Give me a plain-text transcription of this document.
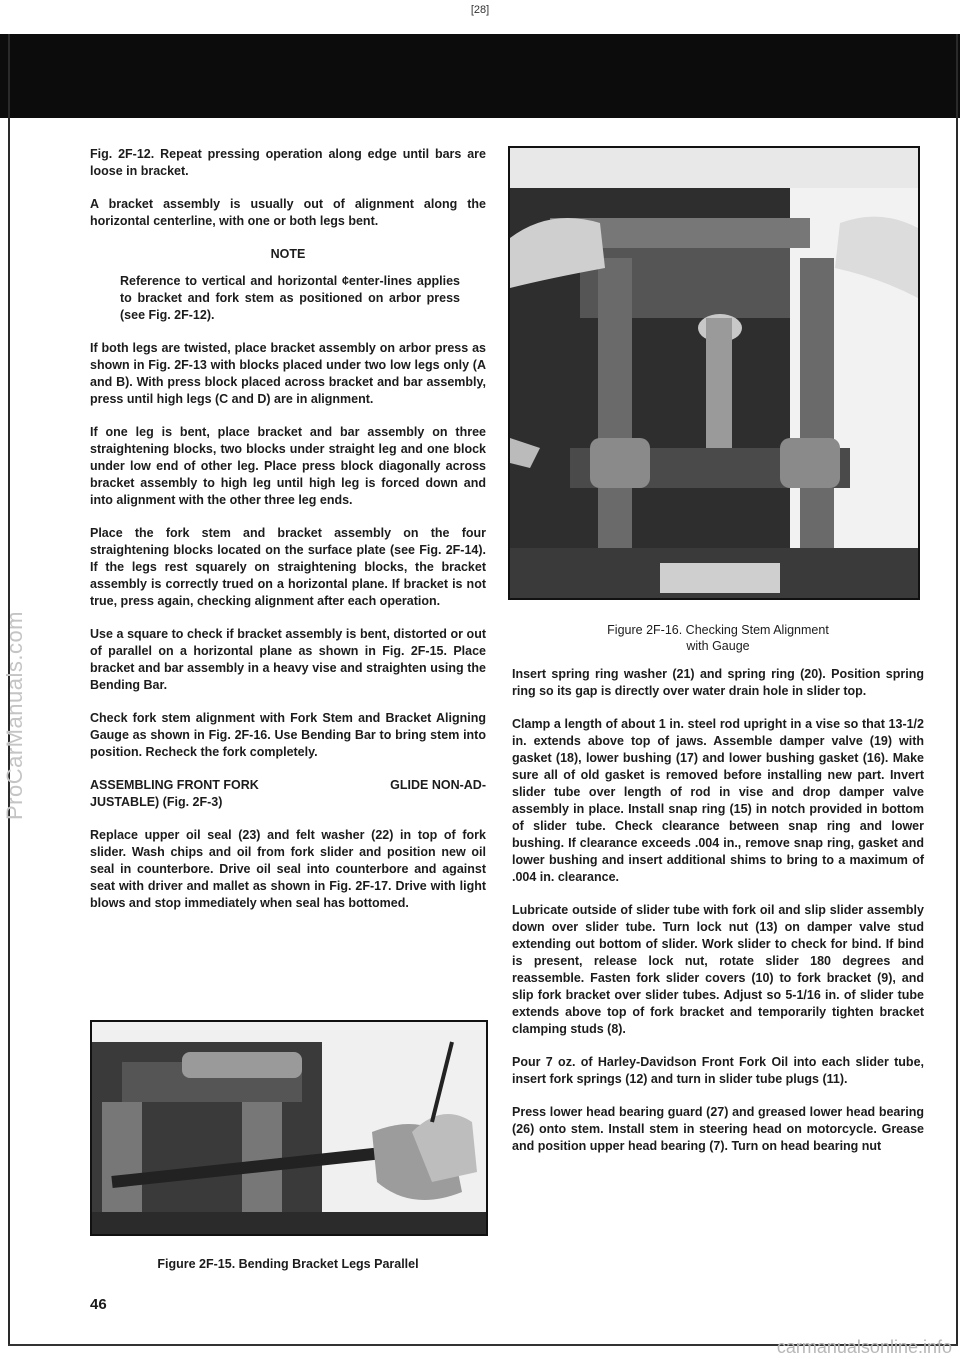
[28]
ProCarManuals.com

Fig. 2F-12. Repeat pressing operation along edge until bars are loose in bracket.

A bracket assembly is usually out of alignment along the horizontal centerline, with one or both legs bent.

NOTE
Reference to vertical and horizontal ¢enter-lines applies to bracket and fork stem as positioned on arbor press (see Fig. 2F-12).

If both legs are twisted, place bracket assembly on arbor press as shown in Fig. 2F-13 with blocks placed under two low legs only (A and B). With press block placed across bracket and bar assembly, press until high legs (C and D) are in alignment.

If one leg is bent, place bracket and bar assembly on three straightening blocks, two blocks under straight leg and one block under low end of other leg. Place press block diagonally across bracket assembly to high leg until high leg is forced down and into alignment with the other three leg ends.

Place the fork stem and bracket assembly on the four straightening blocks located on the surface plate (see Fig. 2F-14). If the legs rest squarely on straightening blocks, the bracket assembly is correctly trued on a horizontal plane. If bracket is not true, press again, checking alignment after each operation.

Use a square to check if bracket assembly is bent, distorted or out of parallel on a horizontal plane as shown in Fig. 2F-15. Place bracket and bar assembly in a heavy vise and straighten using the Bending Bar.

Check fork stem alignment with Fork Stem and Bracket Aligning Gauge as shown in Fig. 2F-16. Use Bending Bar to bring stem into position. Recheck the fork completely.

ASSEMBLING FRONT FORK	GLIDE NON-AD-
JUSTABLE) (Fig. 2F-3)

Replace upper oil seal (23) and felt washer (22) in top of fork slider. Wash chips and oil from fork slider and position new oil seal in counterbore. Drive oil seal into counterbore and against seat with driver and mallet as shown in Fig. 2F-17. Drive with light blows and stop immediately when seal has bottomed.

Figure 2F-16. Checking Stem Alignment
with Gauge

Insert spring ring washer (21) and spring ring (20). Position spring ring so its gap is directly over water drain hole in slider top.

Clamp a length of about 1 in. steel rod upright in a vise so that 13-1/2 in. extends above top of jaws. Assemble damper valve (19) with gasket (18), lower bushing (17) and lower bushing gasket (16). Make sure all of old gasket is removed before installing new part. Invert slider tube over length of rod in vise and drop damper valve assembly in place. Install snap ring (15) in notch provided in bottom of slider tube. Check clearance between snap ring and lower bushing. If clearance exceeds .004 in., remove snap ring, gasket and lower bushing and insert additional shims to bring to a maximum of .004 in. clearance.

Lubricate outside of slider tube with fork oil and slip slider assembly down over slider tube. Turn lock nut (13) on damper valve stud extending out bottom of slider. Work slider to check for bind. If bind is present, release lock nut, rotate slider 180 degrees and reassemble. Fasten fork slider covers (10) to fork bracket (9), and slip fork bracket over slider tubes. Adjust so 5-1/16 in. of slider tube extends above top of fork bracket and temporarily tighten bracket clamping studs (8).

Pour 7 oz. of Harley-Davidson Front Fork Oil into each slider tube, insert fork springs (12) and turn in slider tube plugs (11).

Press lower head bearing guard (27) and greased lower head bearing (26) onto stem. Install stem in steering head on motorcycle. Grease and position upper head bearing (7). Turn on head bearing nut

Figure 2F-15. Bending Bracket Legs Parallel
46
carmanualsonline.info
